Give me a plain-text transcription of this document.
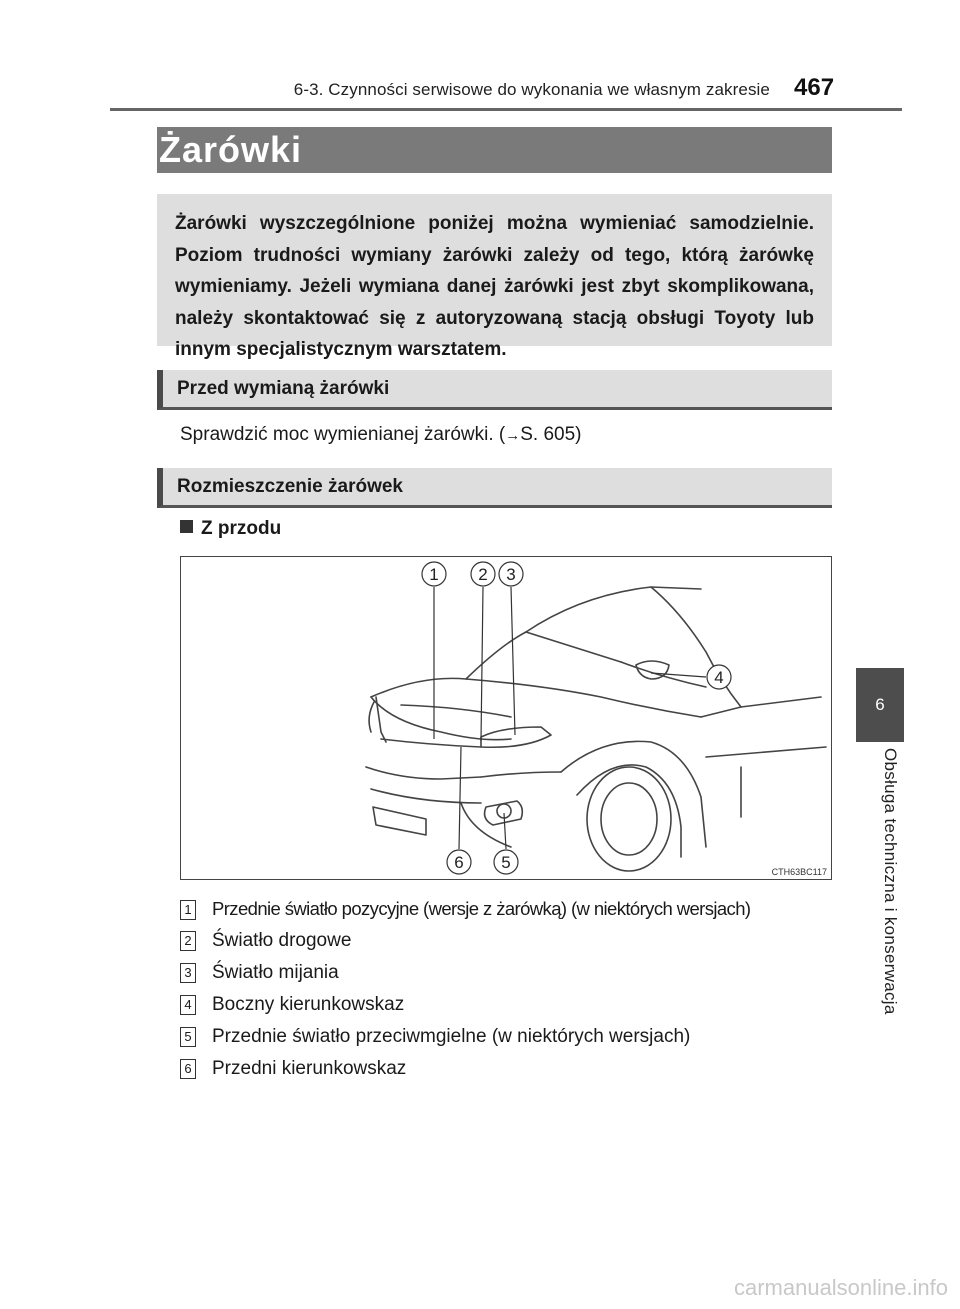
6-3. Czynności serwisowe do wykonania we własnym zakresie 467
6
Obsługa techniczna i konserwacja
Żarówki
Żarówki wyszczególnione poniżej można wymieniać samodzielnie. Poziom trudności wymiany żarówki zależy od tego, którą żarówkę wymieniamy. Jeżeli wymiana danej żarówki jest zbyt skomplikowana, należy skontaktować się z autoryzowaną stacją obsługi Toyoty lub innym specjalistycznym warsztatem.
Przed wymianą żarówki
Sprawdzić moc wymienianej żarówki. (→S. 605)
Rozmieszczenie żarówek
Z przodu
1 2 3
4
5
6	CTH63BC117
1 Przednie światło pozycyjne (wersje z żarówką) (w niektórych wersjach)
2 Światło drogowe
3 Światło mijania
4 Boczny kierunkowskaz
5 Przednie światło przeciwmgielne (w niektórych wersjach)
6 Przedni kierunkowskaz
carmanualsonline.info
